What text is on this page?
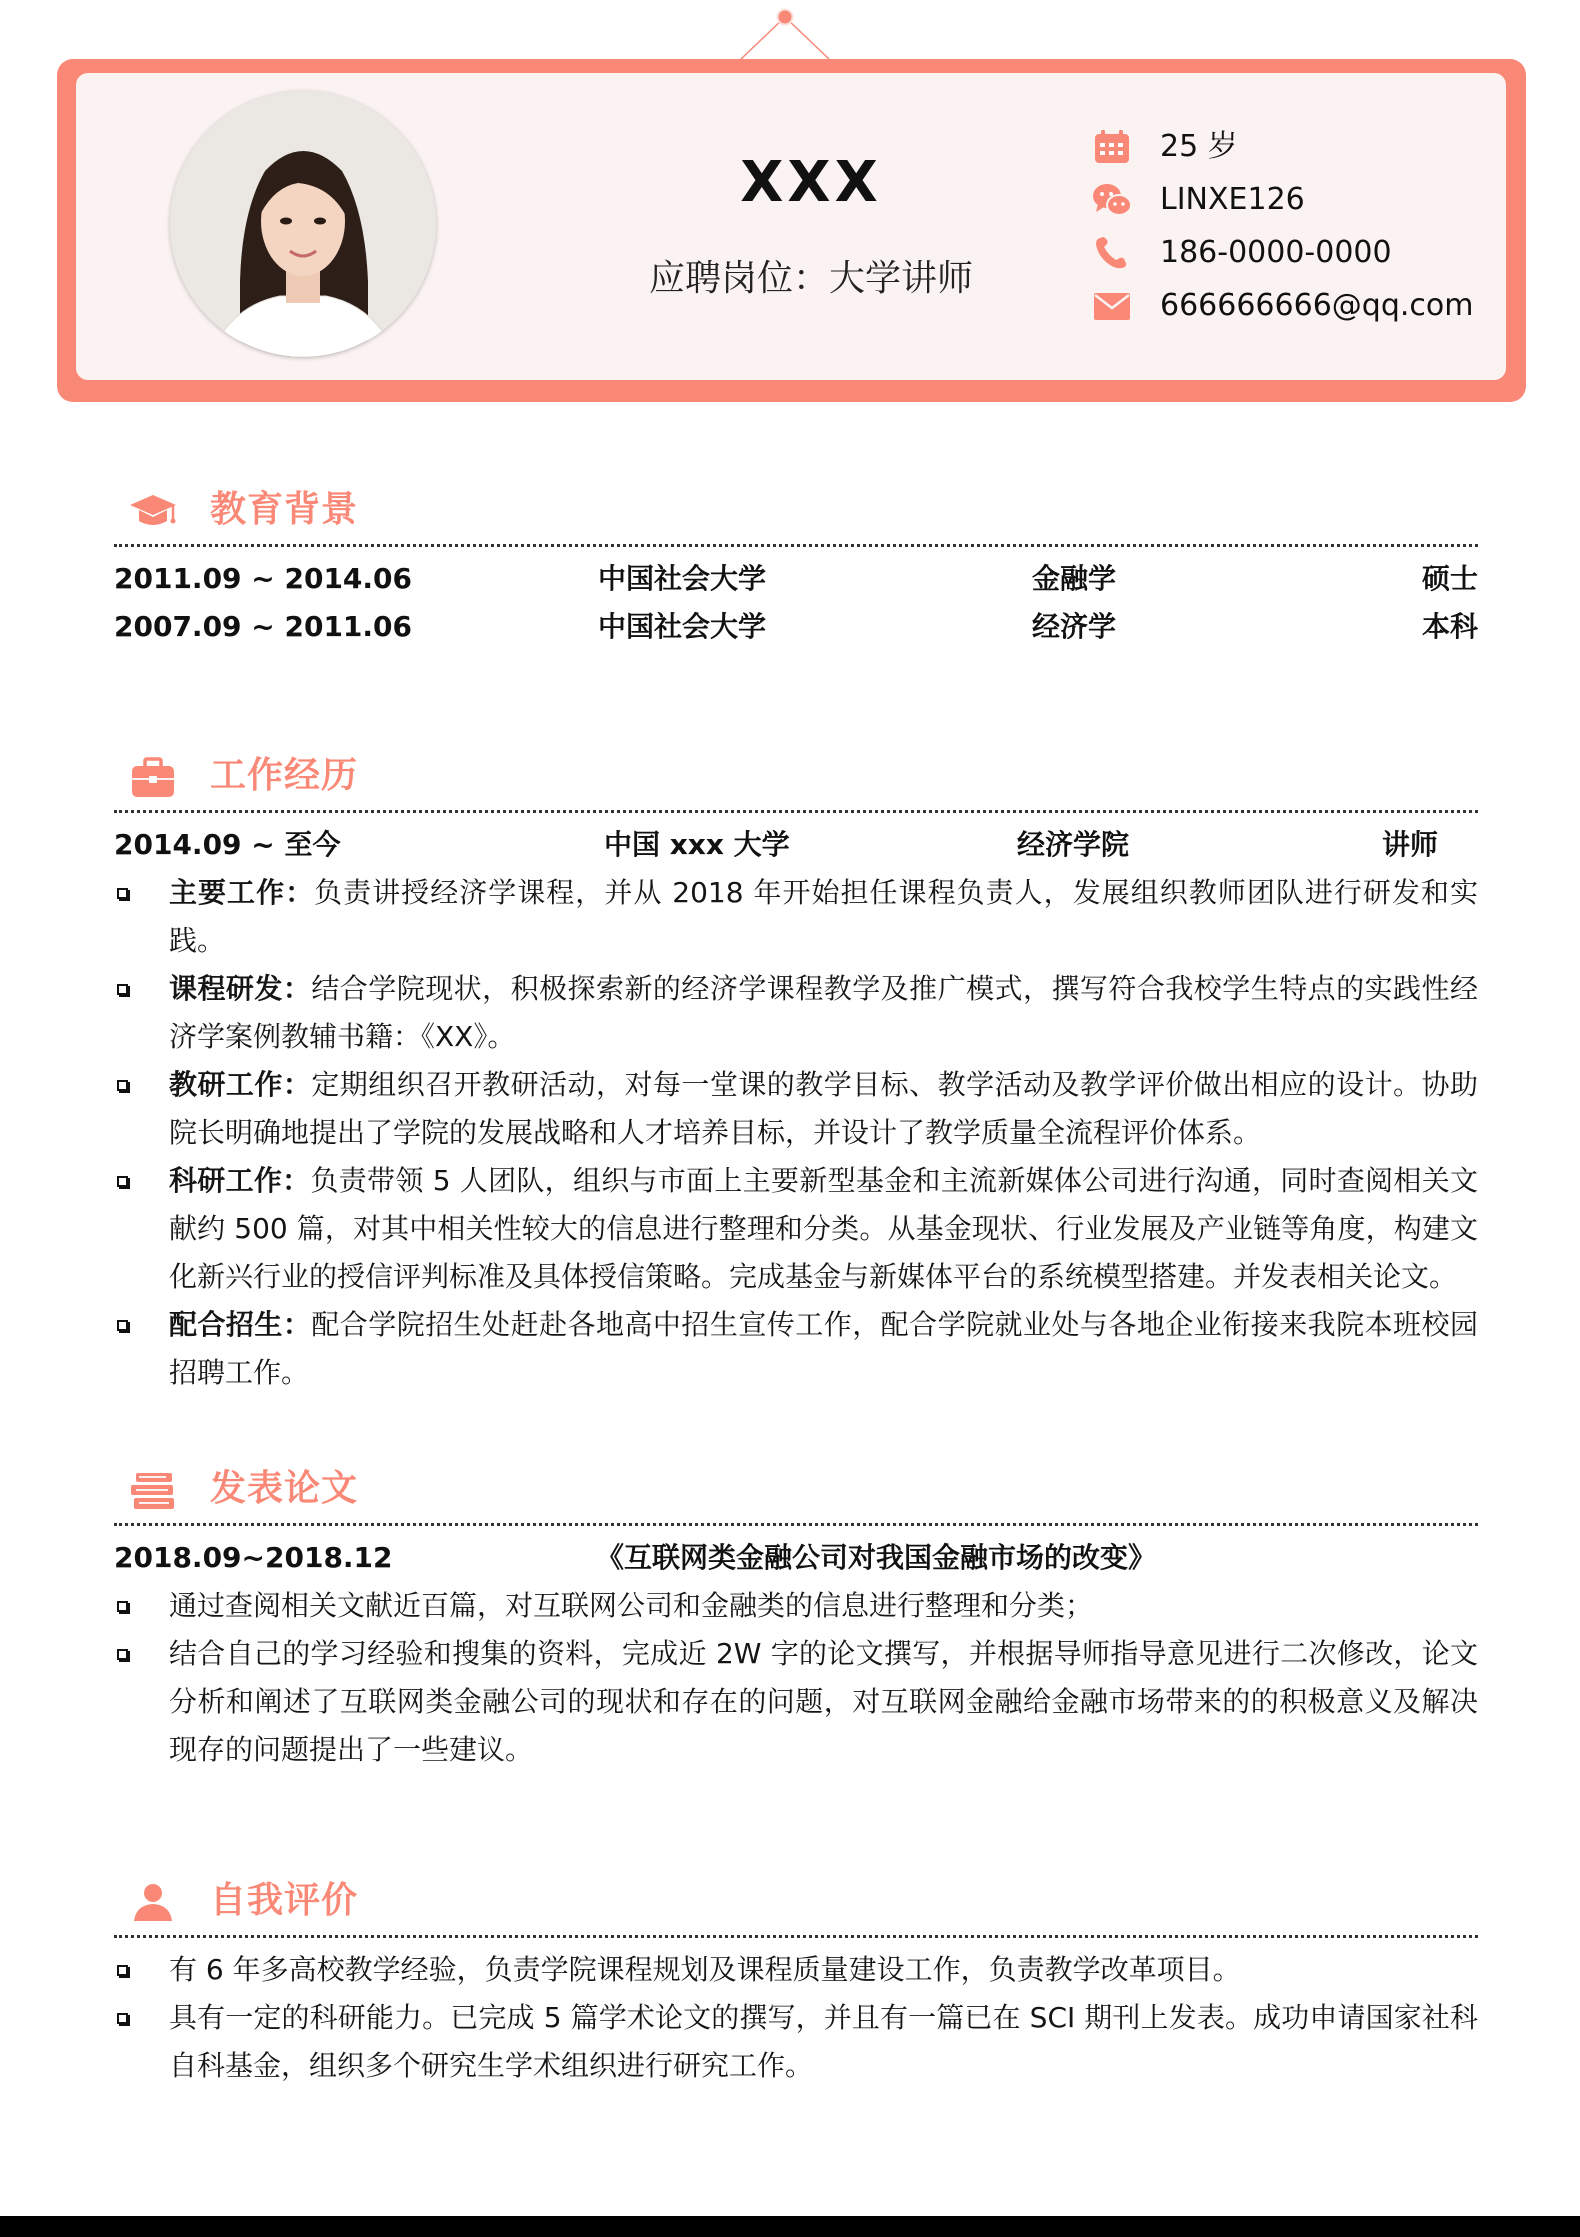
XXX
应聘岗位：大学讲师
25 岁
LINXE126
186-0000-0000
666666666@qq.com
教育背景
2011.09 ~ 2014.06	中国社会大学	金融学	硕士
2007.09 ~ 2011.06	中国社会大学	经济学	本科
工作经历
2014.09 ~ 至今	中国 xxx 大学	经济学院	讲师
主要工作：负责讲授经济学课程，并从 2018 年开始担任课程负责人，发展组织教师团队进行研发和实践。
课程研发：结合学院现状，积极探索新的经济学课程教学及推广模式，撰写符合我校学生特点的实践性经济学案例教辅书籍：《XX》。
教研工作：定期组织召开教研活动，对每一堂课的教学目标、教学活动及教学评价做出相应的设计。协助院长明确地提出了学院的发展战略和人才培养目标，并设计了教学质量全流程评价体系。
科研工作：负责带领 5 人团队，组织与市面上主要新型基金和主流新媒体公司进行沟通，同时查阅相关文献约 500 篇，对其中相关性较大的信息进行整理和分类。从基金现状、行业发展及产业链等角度，构建文化新兴行业的授信评判标准及具体授信策略。完成基金与新媒体平台的系统模型搭建。并发表相关论文。
配合招生：配合学院招生处赶赴各地高中招生宣传工作，配合学院就业处与各地企业衔接来我院本班校园招聘工作。
发表论文
2018.09~2018.12	《互联网类金融公司对我国金融市场的改变》
通过查阅相关文献近百篇，对互联网公司和金融类的信息进行整理和分类；
结合自己的学习经验和搜集的资料，完成近 2W 字的论文撰写，并根据导师指导意见进行二次修改，论文分析和阐述了互联网类金融公司的现状和存在的问题，对互联网金融给金融市场带来的的积极意义及解决现存的问题提出了一些建议。
自我评价
有 6 年多高校教学经验，负责学院课程规划及课程质量建设工作，负责教学改革项目。
具有一定的科研能力。已完成 5 篇学术论文的撰写，并且有一篇已在 SCI 期刊上发表。成功申请国家社科自科基金，组织多个研究生学术组织进行研究工作。
